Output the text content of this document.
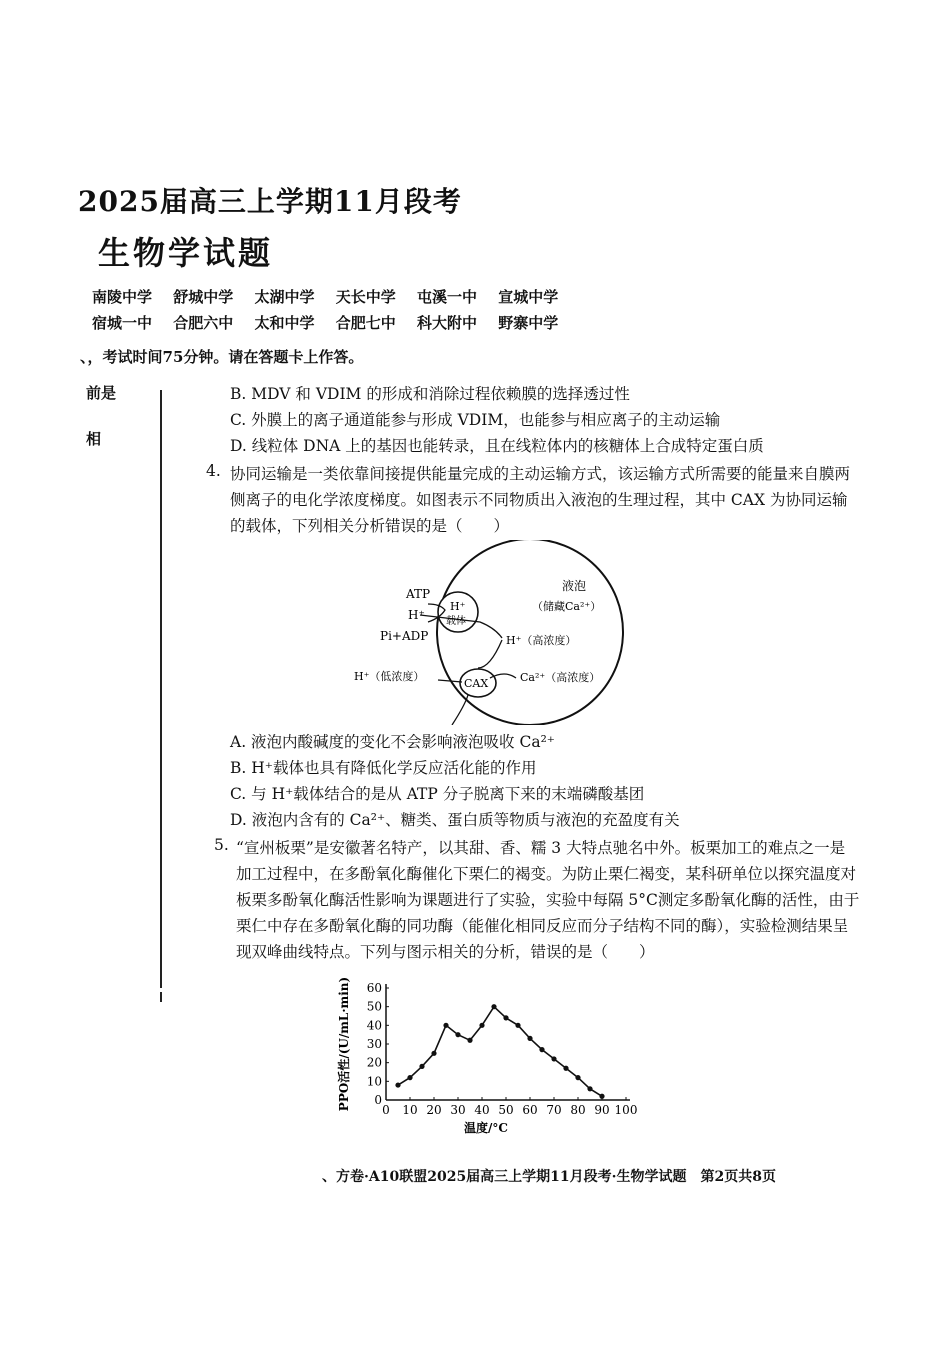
2025届高三上学期11月段考
生物学试题
南陵中学 舒城中学 太湖中学 天长中学 屯溪一中 宣城中学
宿城一中 合肥六中 太和中学 合肥七中 科大附中 野寨中学
、，考试时间75分钟。请在答题卡上作答。
前是
相
B. MDV 和 VDIM 的形成和消除过程依赖膜的选择透过性
C. 外膜上的离子通道能参与形成 VDIM，也能参与相应离子的主动运输
D. 线粒体 DNA 上的基因也能转录，且在线粒体内的核糖体上合成特定蛋白质
4. 协同运输是一类依靠间接提供能量完成的主动运输方式，该运输方式所需要的能量来自膜两
侧离子的电化学浓度梯度。如图表示不同物质出入液泡的生理过程，其中 CAX 为协同运输
的载体，下列相关分析错误的是（　　）
ATP
H⁺
Pi+ADP
H⁺
载体
液泡
（储藏Ca²⁺）
H⁺（高浓度）
H⁺（低浓度）
CAX	Ca²⁺（高浓度）
A. 液泡内酸碱度的变化不会影响液泡吸收 Ca²⁺
B. H⁺载体也具有降低化学反应活化能的作用
C. 与 H⁺载体结合的是从 ATP 分子脱离下来的末端磷酸基团
D. 液泡内含有的 Ca²⁺、糖类、蛋白质等物质与液泡的充盈度有关
5. “宣州板栗”是安徽著名特产，以其甜、香、糯 3 大特点驰名中外。板栗加工的难点之一是
加工过程中，在多酚氧化酶催化下栗仁的褐变。为防止栗仁褐变，某科研单位以探究温度对
板栗多酚氧化酶活性影响为课题进行了实验，实验中每隔 5°C测定多酚氧化酶的活性，由于
栗仁中存在多酚氧化酶的同功酶（能催化相同反应而分子结构不同的酶），实验检测结果呈
现双峰曲线特点。下列与图示相关的分析，错误的是（　　）
0 10 20 30 40 50 60 70 80 90 100
0
10
20
30
40
50
60
温度/°C
PPO活性/(U/mL·min)
、方卷·A10联盟2025届高三上学期11月段考·生物学试题　第2页共8页
